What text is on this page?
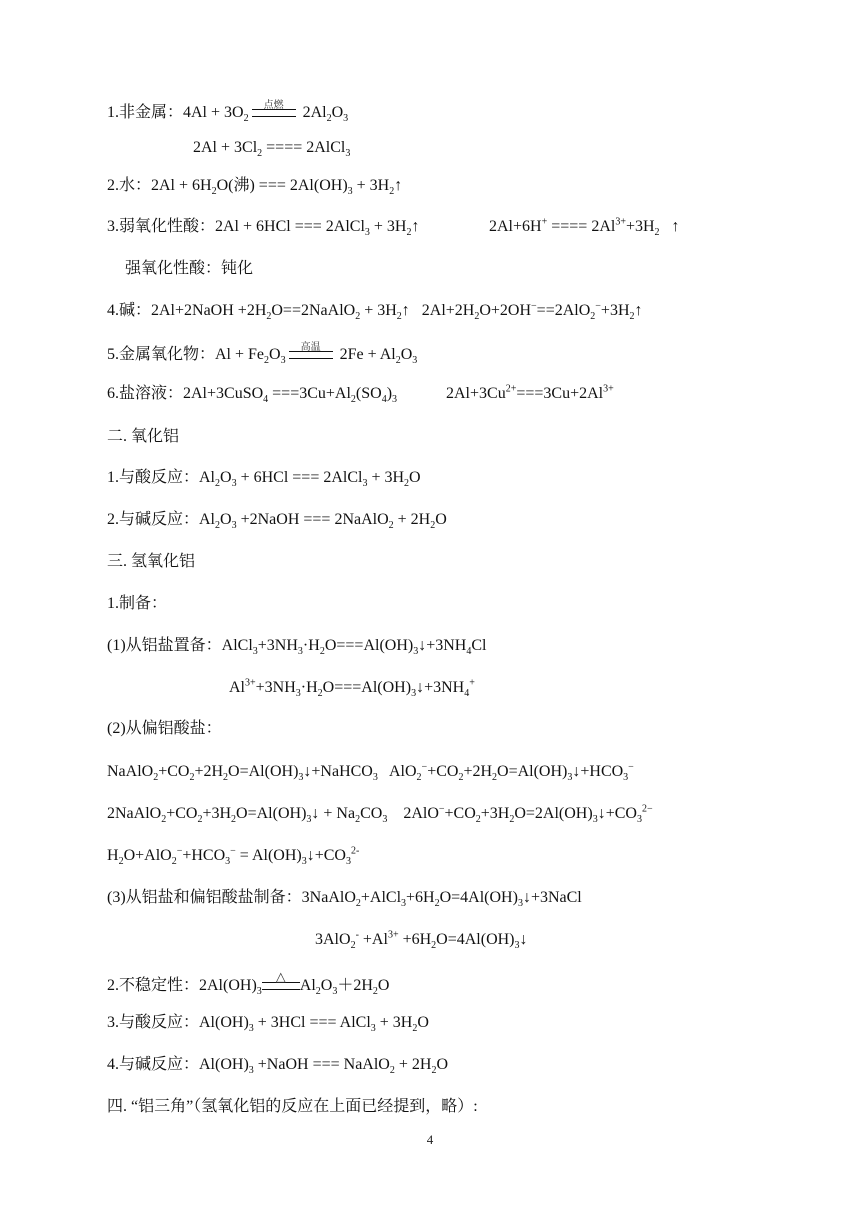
1.非金属：$4Al + 3O_2$
点燃	$2Al_2O_3$
$2Al + 3Cl_2$ ==== 2AlCl$_3$
2.水：$2Al + 6H_2O$(沸) === $2Al(OH)_3$ + $3H_2↑$
3.弱氧化性酸：2Al + 6HCl === 2AlCl$_3$ + $3H_2↑$	2Al+6H+ ==== $2Al^{3+}+3H_2$   ↑
强氧化性酸：钝化
4.碱：2Al+2NaOH $+2H_2O==2NaAlO_2$ + $3H_2↑$   $2Al+2H_2O+2OH^-==2AlO_2^-+3H_2↑$
5.金属氧化物：$Al + Fe_2O_3$
高温	$2Fe + Al_2O_3$
6.盐溶液：2Al+3CuSO$_4$ $===3Cu+Al_2(SO_4)_3$	$2Al+3Cu^{2+}===3Cu+2Al^{3+}$
二. 氧化铝
1.与酸反应：$Al_2O_3 + 6HCl$ === 2AlCl$_3$ + $3H_2O$
2.与碱反应：$Al_2O_3$ +2NaOH === 2NaAlO$_2$ + $2H_2O$
三. 氢氧化铝
1.制备：
(1)从铝盐置备：$AlCl_3+3NH_3\cdot H_2O===Al(OH)_3↓+3NH_4Cl$
$Al^{3+}+3NH_3\cdot H_2O===Al(OH)_3↓+3NH_4^+$
(2)从偏铝酸盐：
$NaAlO_2+CO_2+2H_2O=Al(OH)_3↓+NaHCO_3$ $AlO_2^-+CO_2+2H_2O=Al(OH)_3↓+HCO_3^-$
$2NaAlO_2+CO_2+3H_2O=Al(OH)_3↓ + Na_2CO_3$ $2AlO^-+CO_2+3H_2O=2Al(OH)_3↓+CO_3^{2-}$
$H_2O+AlO_2^-+HCO_3^-$ = $Al(OH)_3↓+CO_3^{2-}$
(3)从铝盐和偏铝酸盐制备：$3NaAlO_2+AlCl_3+6H_2O=4Al(OH)_3↓+3NaCl$
$3AlO_2^- +Al^{3+}$ $+6H_2O=4Al(OH)_3↓$
2.不稳定性：$2Al(OH)_3$
△
$Al_2O_3+2H_2O$
3.与酸反应：$Al(OH)_3 + 3HCl$ === AlCl$_3$ + $3H_2O$
4.与碱反应：$Al(OH)_3$ +NaOH === NaAlO$_2$ + $2H_2O$
四. “铝三角”（氢氧化铝的反应在上面已经提到，略）:
4
